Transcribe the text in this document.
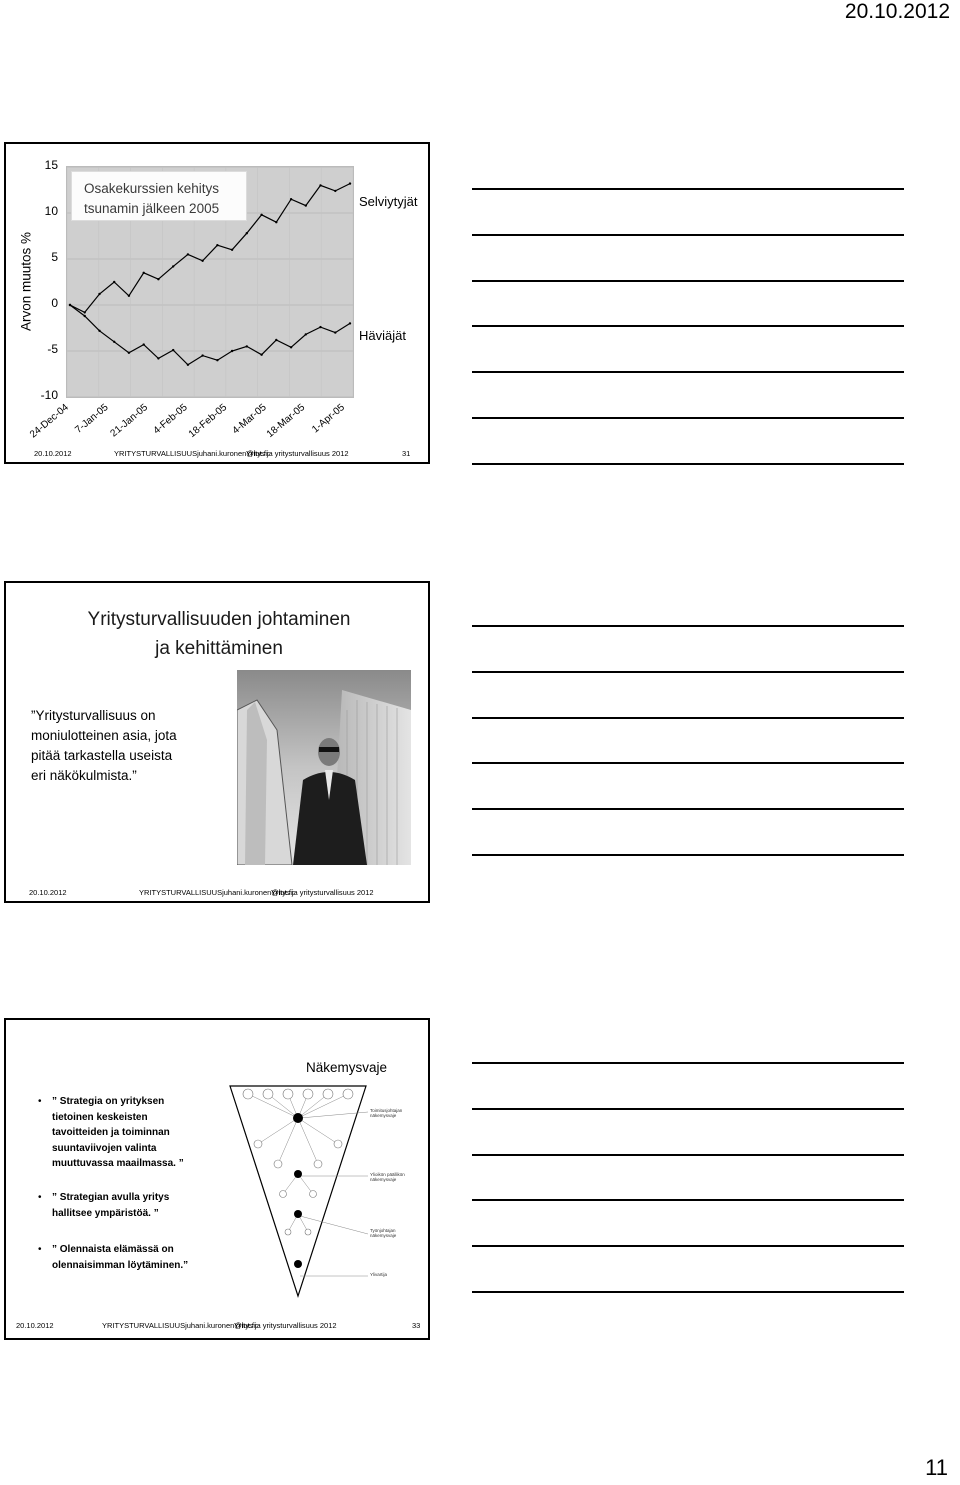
20.10.2012
Osakekurssien kehitys tsunamin jälkeen 2005
Arvon muutos %
15
10
5
0
-5
-10
24-Dec-04 7-Jan-05
21-Jan-05 4-Feb-05
18-Feb-05 4-Mar-05
18-Mar-05 1-Apr-05
Selviytyjät
Häviäjät
20.10.2012	YRITYSTURVALLISUUSjuhani.kuronen@lut.fi:
Yritys ja yritysturvallisuus 2012	31
Yritysturvallisuuden johtaminen
ja kehittäminen
”Yritysturvallisuus on
moniulotteinen asia, jota
pitää tarkastella useista
eri näkökulmista.”
20.10.2012	YRITYSTURVALLISUUSjuhani.kuronen@lut.fi:
Yritys ja yritysturvallisuus 2012
Näkemysvaje
• ” Strategia on yrityksen
tietoinen keskeisten
tavoitteiden ja toiminnan
suuntaviivojen valinta
muuttuvassa maailmassa. ”
• ” Strategian avulla yritys
hallitsee ympäristöä. ”
• ” Olennaista elämässä on
olennaisimman löytäminen.”
Toimitusjohtajan
näkemysvaje
Ylioikön päällikön
näkemysvaje
Työnjohtajan
näkemysvaje
Ylivartija
20.10.2012	YRITYSTURVALLISUUSjuhani.kuronen@lut.fi:
Yritys ja yritysturvallisuus 2012	33
11
